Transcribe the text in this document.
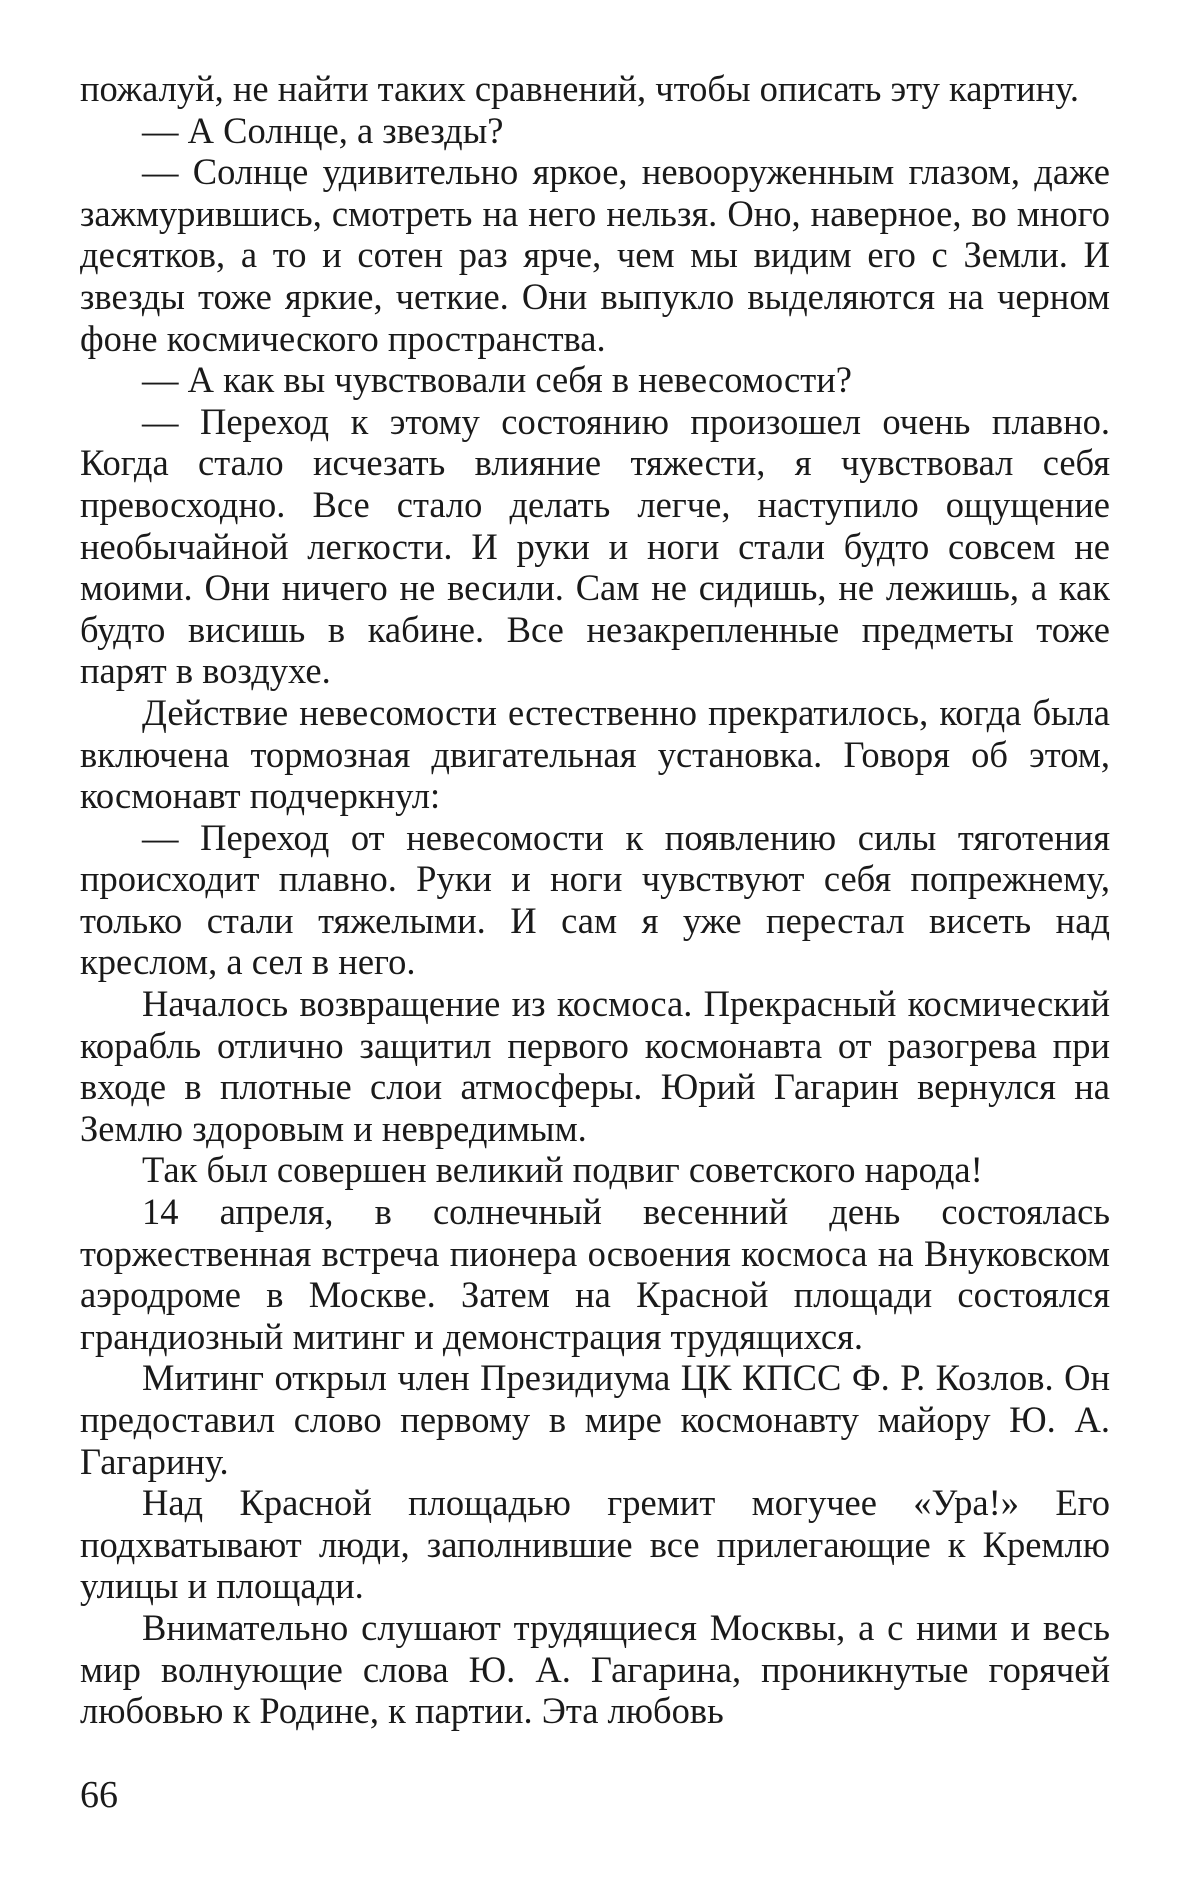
пожалуй, не найти таких сравнений, чтобы описать эту картину.

— А Солнце, а звезды?

— Солнце удивительно яркое, невооруженным глазом, даже зажмурившись, смотреть на него нельзя. Оно, наверное, во много десятков, а то и сотен раз ярче, чем мы видим его с Земли. И звезды тоже яркие, четкие. Они выпукло выделяются на черном фоне космического пространства.

— А как вы чувствовали себя в невесомости?

— Переход к этому состоянию произошел очень плавно. Когда стало исчезать влияние тяжести, я чувствовал себя превосходно. Все стало делать легче, наступило ощущение необычайной легкости. И руки и ноги стали будто совсем не моими. Они ничего не весили. Сам не сидишь, не лежишь, а как будто висишь в кабине. Все незакрепленные предметы тоже парят в воздухе.

Действие невесомости естественно прекратилось, когда была включена тормозная двигательная установка. Говоря об этом, космонавт подчеркнул:

— Переход от невесомости к появлению силы тяготения происходит плавно. Руки и ноги чувствуют себя попрежнему, только стали тяжелыми. И сам я уже перестал висеть над креслом, а сел в него.

Началось возвращение из космоса. Прекрасный космический корабль отлично защитил первого космонавта от разогрева при входе в плотные слои атмосферы. Юрий Гагарин вернулся на Землю здоровым и невредимым.

Так был совершен великий подвиг советского народа!

14 апреля, в солнечный весенний день состоялась торжественная встреча пионера освоения космоса на Внуковском аэродроме в Москве. Затем на Красной площади состоялся грандиозный митинг и демонстрация трудящихся.

Митинг открыл член Президиума ЦК КПСС Ф. Р. Козлов. Он предоставил слово первому в мире космонавту майору Ю. А. Гагарину.

Над Красной площадью гремит могучее «Ура!» Его подхватывают люди, заполнившие все прилегающие к Кремлю улицы и площади.

Внимательно слушают трудящиеся Москвы, а с ними и весь мир волнующие слова Ю. А. Гагарина, проникнутые горячей любовью к Родине, к партии. Эта любовь

66
